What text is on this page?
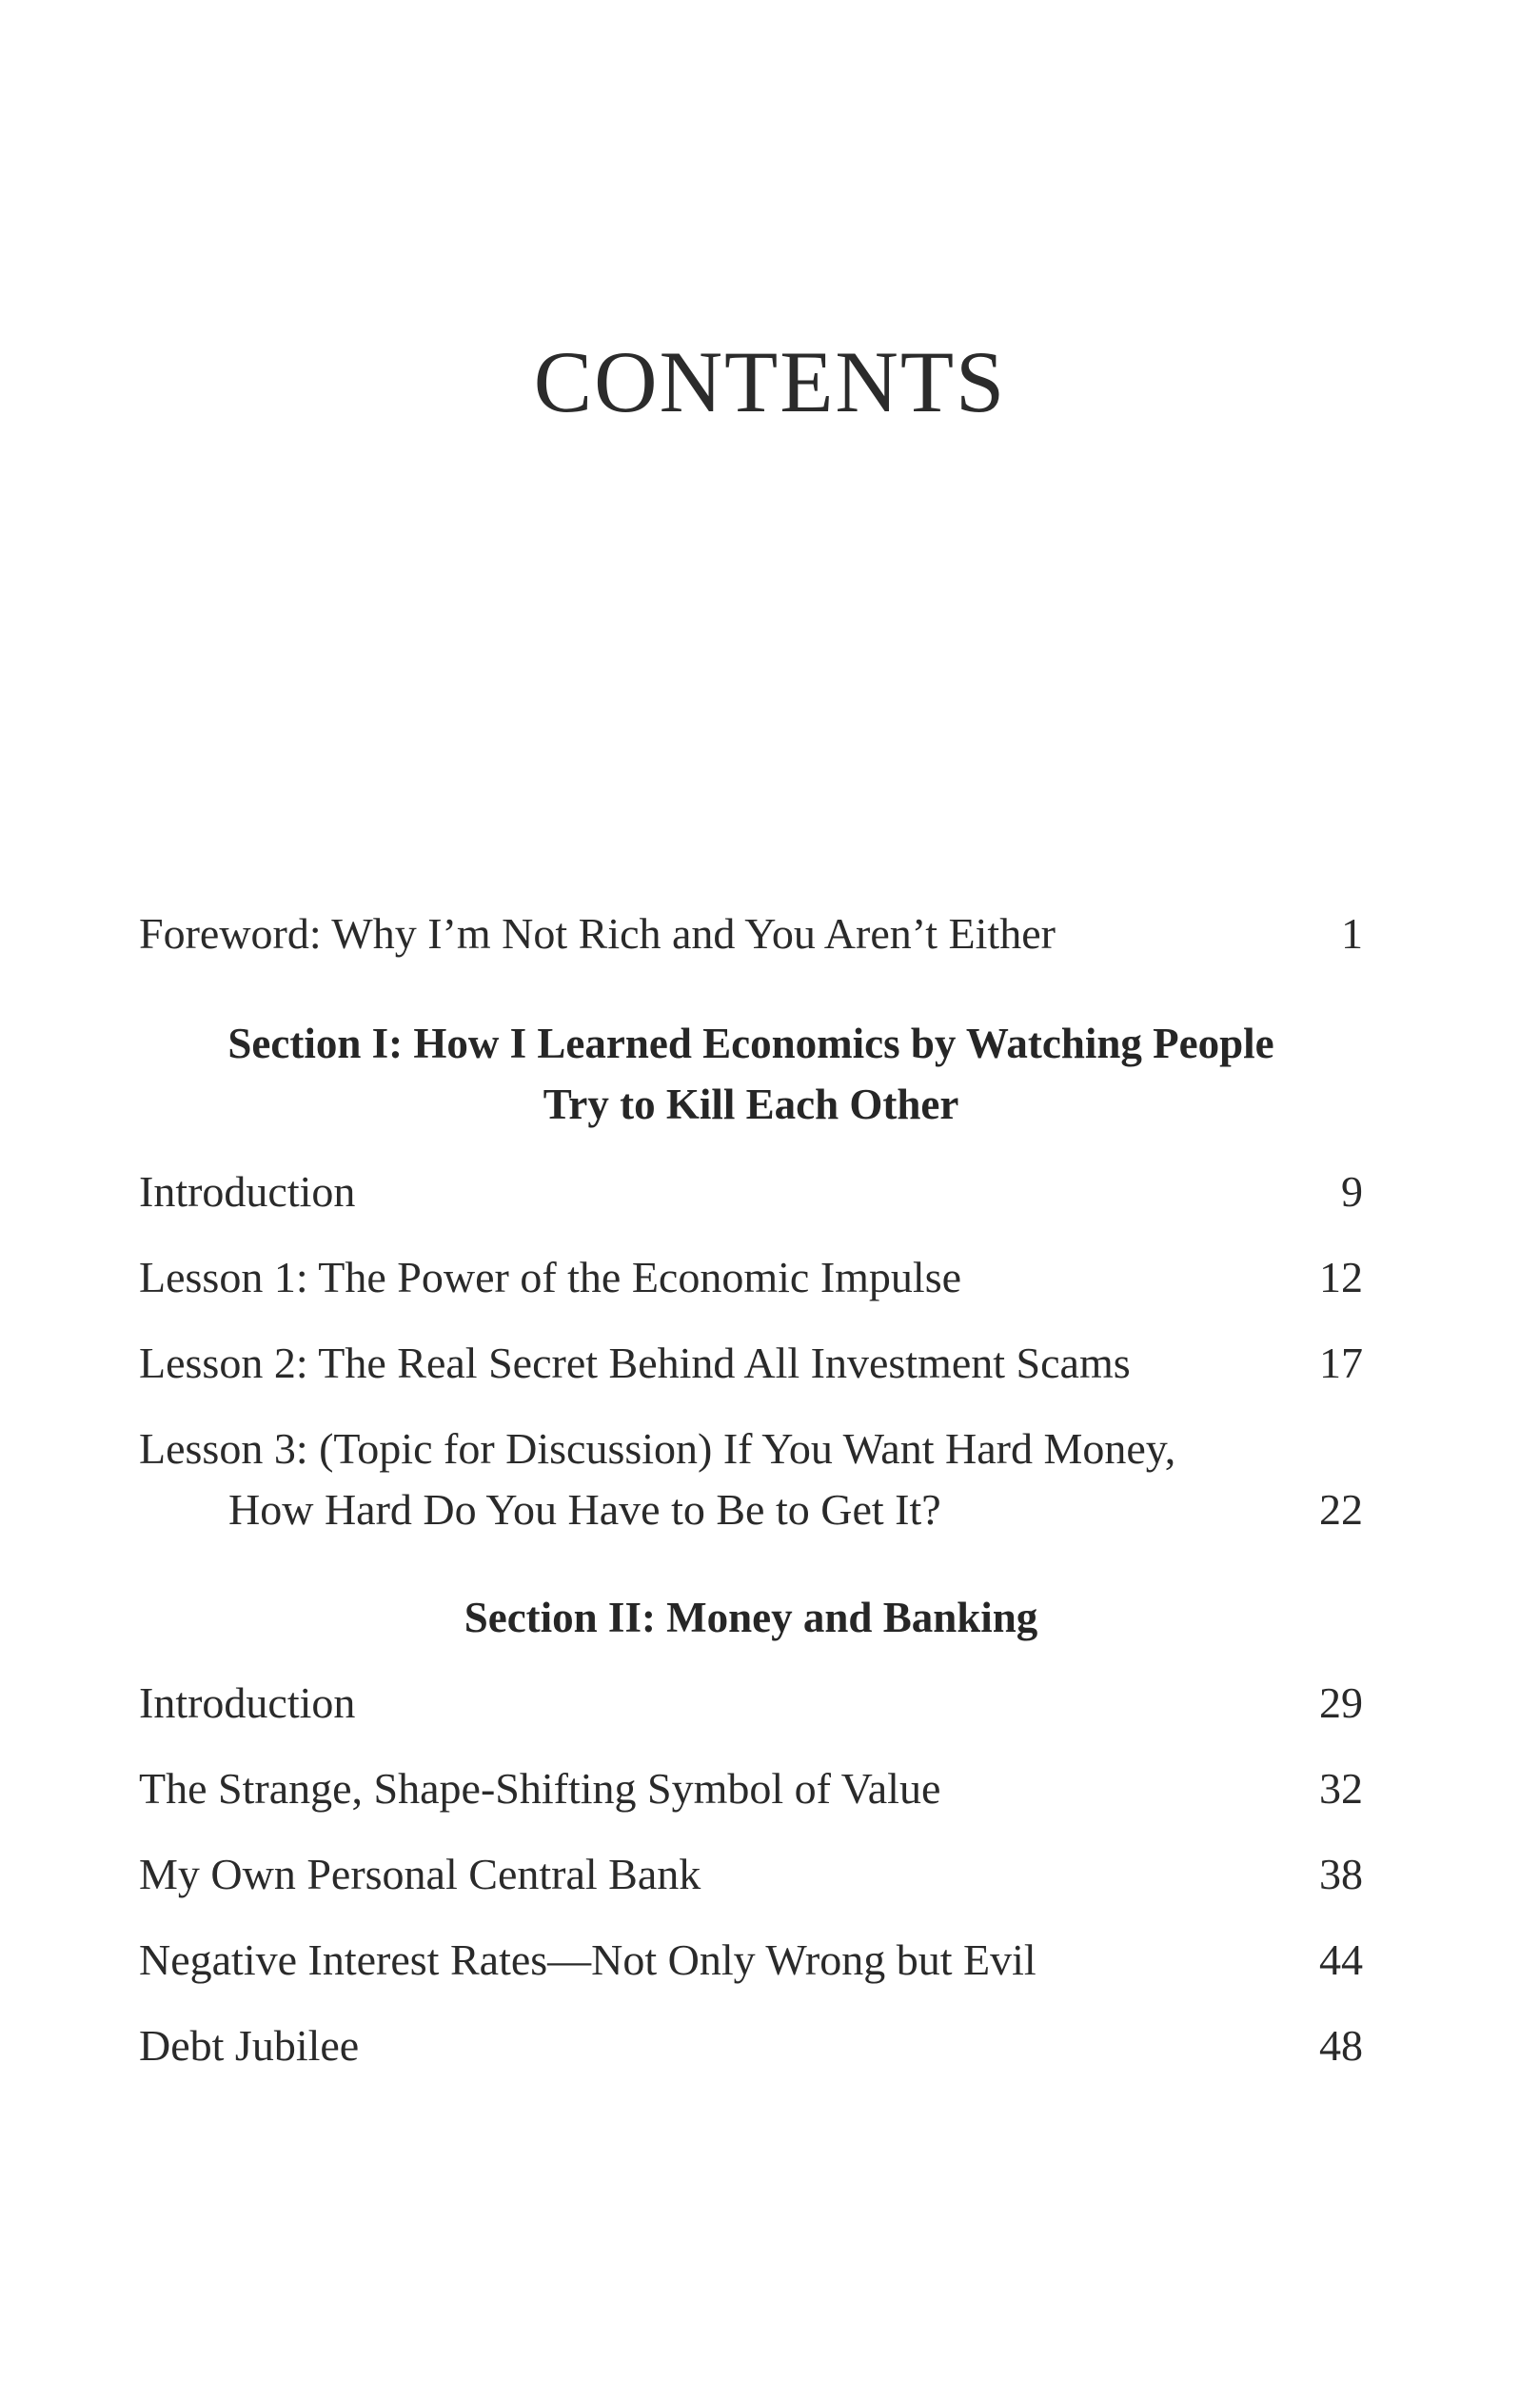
CONTENTS
Foreword: Why I’m Not Rich and You Aren’t Either	1
Section I: How I Learned Economics by Watching People
Try to Kill Each Other
Introduction	9
Lesson 1: The Power of the Economic Impulse	12
Lesson 2: The Real Secret Behind All Investment Scams	17
Lesson 3: (Topic for Discussion) If You Want Hard Money,
How Hard Do You Have to Be to Get It?	22
Section II: Money and Banking
Introduction	29
The Strange, Shape-Shifting Symbol of Value	32
My Own Personal Central Bank	38
Negative Interest Rates—Not Only Wrong but Evil	44
Debt Jubilee	48
